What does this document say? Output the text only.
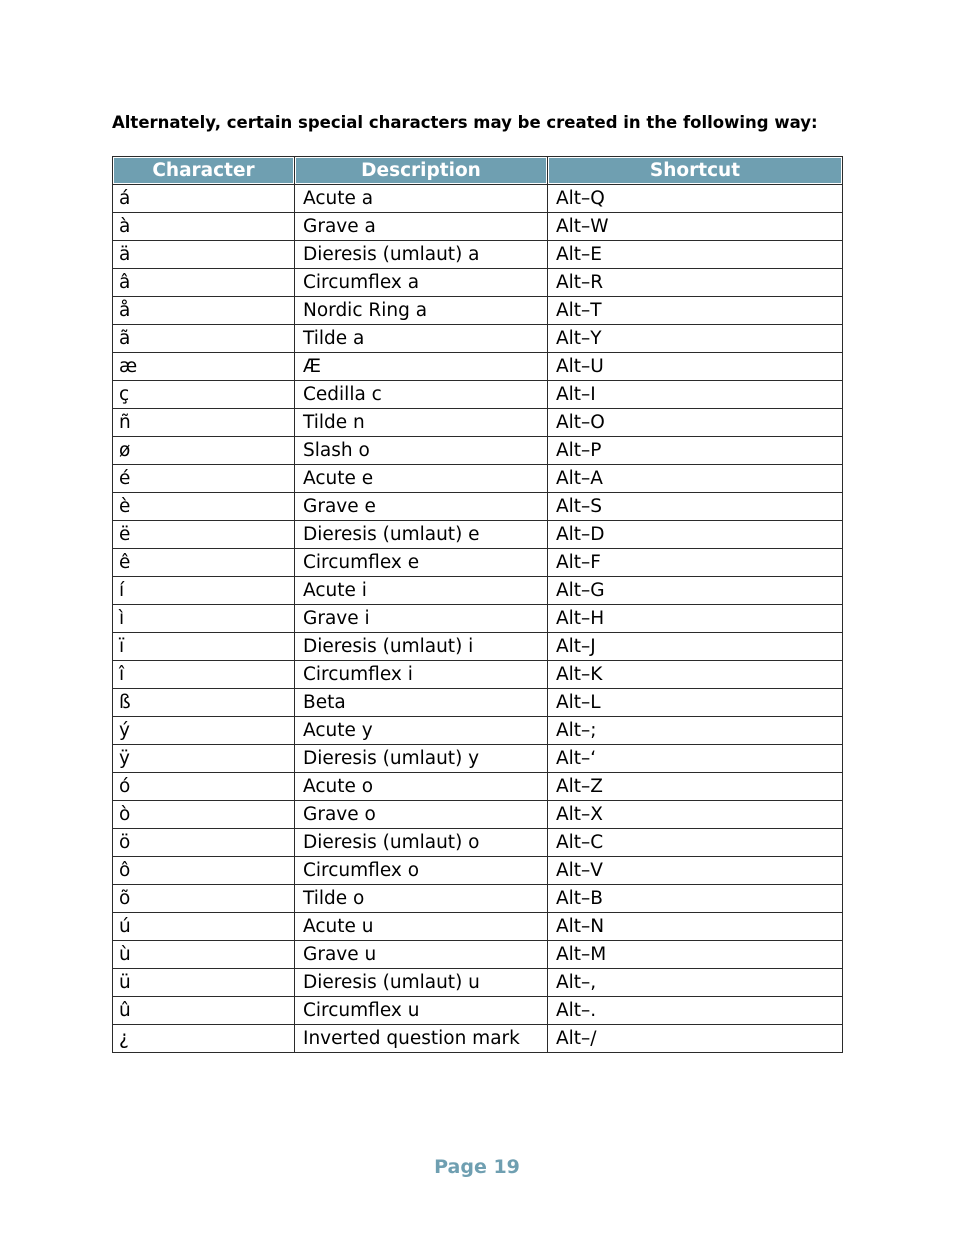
Alternately, certain special characters may be created in the following way:
Character	Description	Shortcut
á	Acute a	Alt–Q
à	Grave a	Alt–W
ä	Dieresis (umlaut) a	Alt–E
â	Circumflex a	Alt–R
å	Nordic Ring a	Alt–T
ã	Tilde a	Alt–Y
æ	Æ	Alt–U
ç	Cedilla c	Alt–I
ñ	Tilde n	Alt–O
ø	Slash o	Alt–P
é	Acute e	Alt–A
è	Grave e	Alt–S
ë	Dieresis (umlaut) e	Alt–D
ê	Circumflex e	Alt–F
í	Acute i	Alt–G
ì	Grave i	Alt–H
ï	Dieresis (umlaut) i	Alt–J
î	Circumflex i	Alt–K
ß	Beta	Alt–L
ý	Acute y	Alt–;
ÿ	Dieresis (umlaut) y	Alt–‘
ó	Acute o	Alt–Z
ò	Grave o	Alt–X
ö	Dieresis (umlaut) o	Alt–C
ô	Circumflex o	Alt–V
õ	Tilde o	Alt–B
ú	Acute u	Alt–N
ù	Grave u	Alt–M
ü	Dieresis (umlaut) u	Alt–,
û	Circumflex u	Alt–.
¿	Inverted question mark	Alt–/
Page 19
